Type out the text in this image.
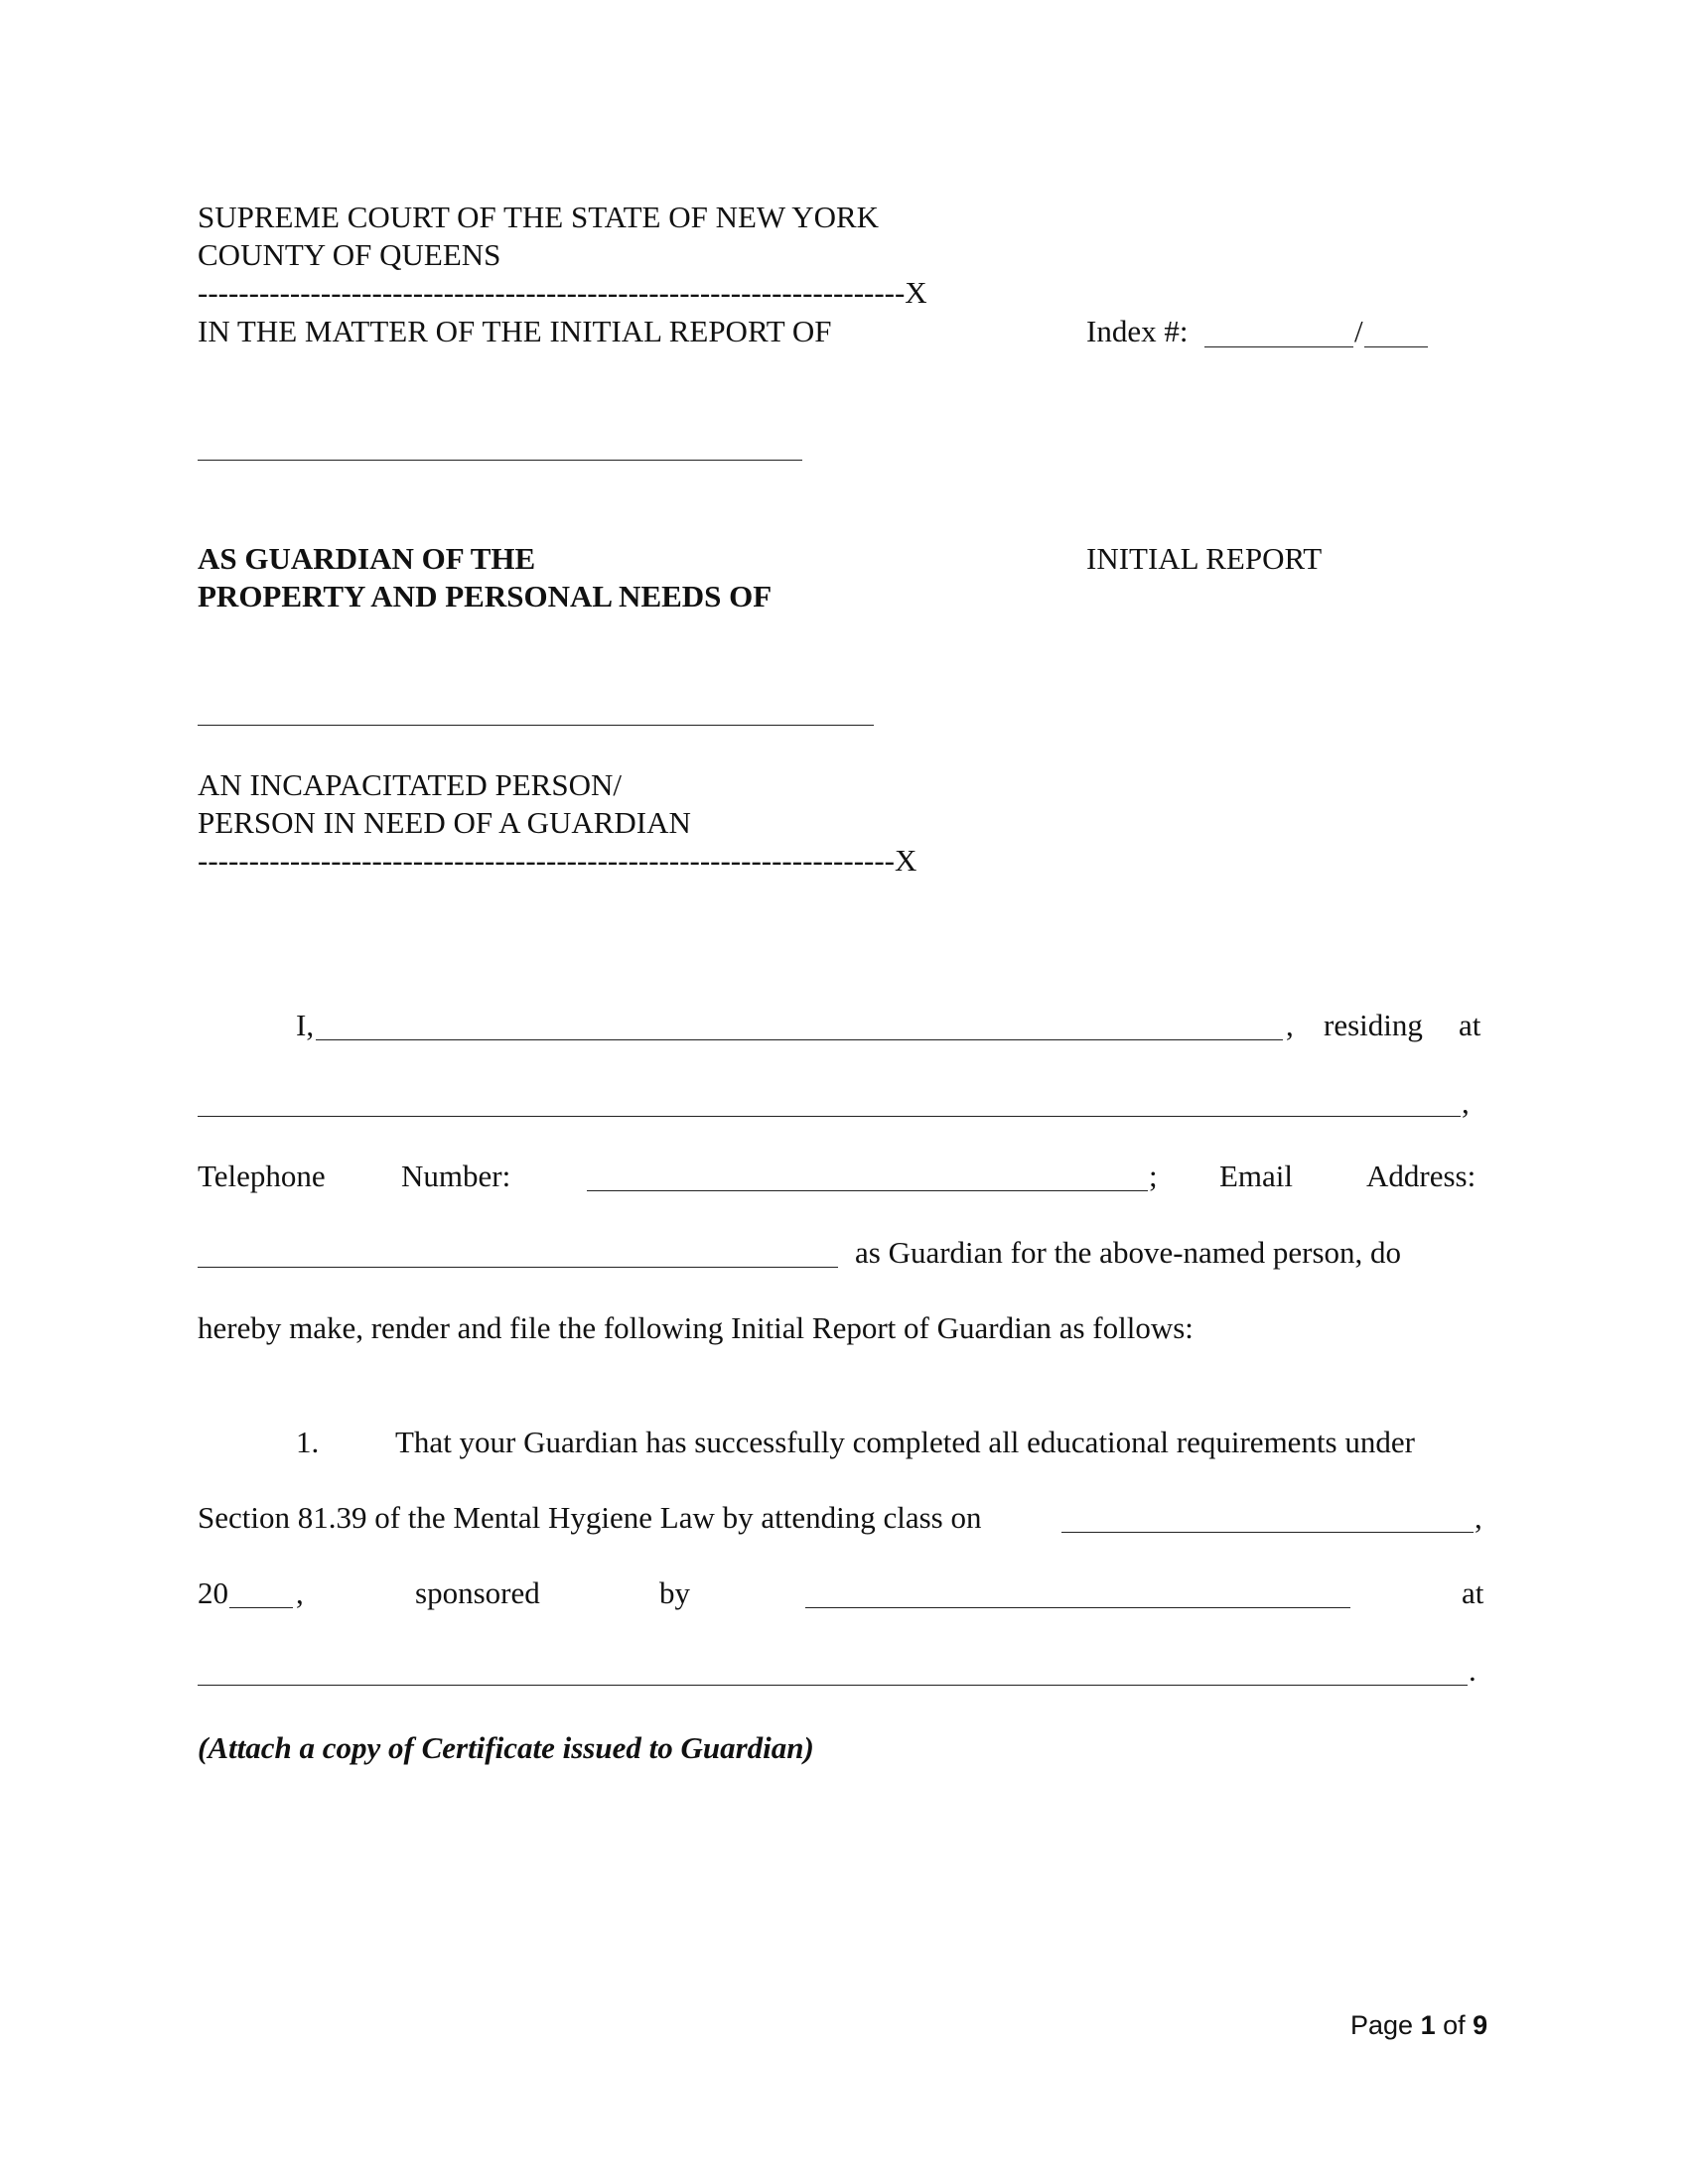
SUPREME COURT OF THE STATE OF NEW YORK
COUNTY OF QUEENS
---------------------------------------------------------------------X
IN THE MATTER OF THE INITIAL REPORT OF	Index #:	/
AS GUARDIAN OF THE
PROPERTY AND PERSONAL NEEDS OF
INITIAL REPORT
AN INCAPACITATED PERSON/
PERSON IN NEED OF A GUARDIAN
--------------------------------------------------------------------X
I,	, residing at
,
Telephone Number:	; Email Address:
as Guardian for the above-named person, do
hereby make, render and file the following Initial Report of Guardian as follows:
1. That your Guardian has successfully completed all educational requirements under
Section 81.39 of the Mental Hygiene Law by attending class on	,
20 ,	sponsored	by	at
.
(Attach a copy of Certificate issued to Guardian)
Page 1 of 9
